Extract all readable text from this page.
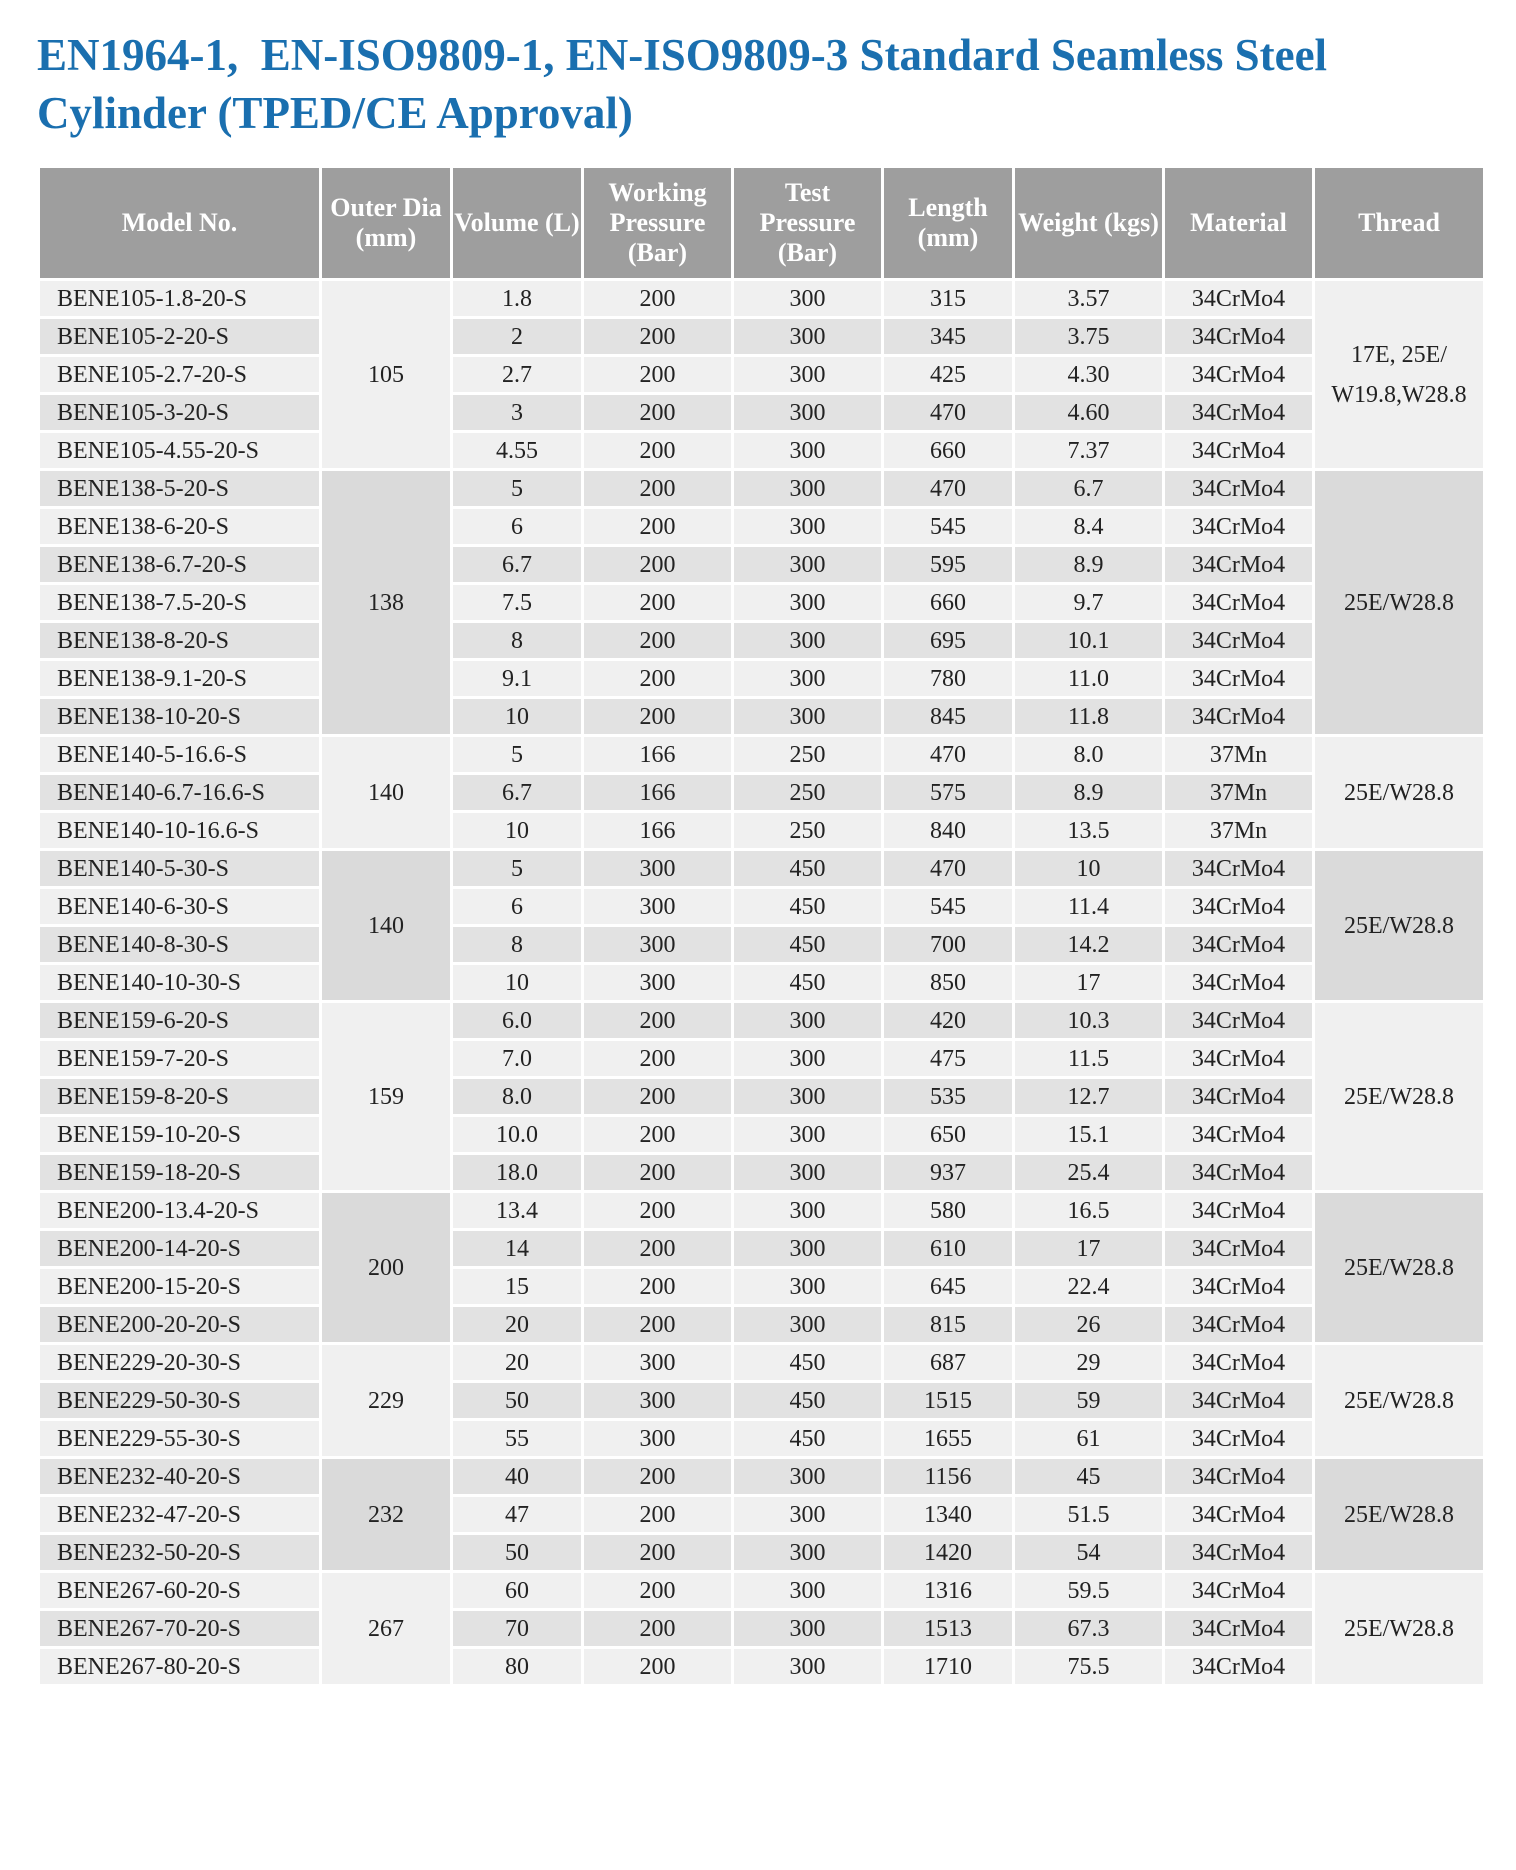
EN1964-1,  EN-ISO9809-1, EN-ISO9809-3 Standard Seamless Steel
Cylinder (TPED/CE Approval)
Model No.	Outer Dia (mm)	Volume (L)	Working Pressure (Bar)	Test Pressure (Bar)	Length (mm)	Weight (kgs)	Material	Thread
BENE105-1.8-20-S	105	1.8	200	300	315	3.57	34CrMo4	17E, 25E/
W19.8,W28.8
BENE105-2-20-S		2	200	300	345	3.75	34CrMo4	
BENE105-2.7-20-S		2.7	200	300	425	4.30	34CrMo4	
BENE105-3-20-S		3	200	300	470	4.60	34CrMo4	
BENE105-4.55-20-S		4.55	200	300	660	7.37	34CrMo4	
BENE138-5-20-S	138	5	200	300	470	6.7	34CrMo4	25E/W28.8
BENE138-6-20-S		6	200	300	545	8.4	34CrMo4	
BENE138-6.7-20-S		6.7	200	300	595	8.9	34CrMo4	
BENE138-7.5-20-S		7.5	200	300	660	9.7	34CrMo4	
BENE138-8-20-S		8	200	300	695	10.1	34CrMo4	
BENE138-9.1-20-S		9.1	200	300	780	11.0	34CrMo4	
BENE138-10-20-S		10	200	300	845	11.8	34CrMo4	
BENE140-5-16.6-S	140	5	166	250	470	8.0	37Mn	25E/W28.8
BENE140-6.7-16.6-S		6.7	166	250	575	8.9	37Mn	
BENE140-10-16.6-S		10	166	250	840	13.5	37Mn	
BENE140-5-30-S	140	5	300	450	470	10	34CrMo4	25E/W28.8
BENE140-6-30-S		6	300	450	545	11.4	34CrMo4	
BENE140-8-30-S		8	300	450	700	14.2	34CrMo4	
BENE140-10-30-S		10	300	450	850	17	34CrMo4	
BENE159-6-20-S	159	6.0	200	300	420	10.3	34CrMo4	25E/W28.8
BENE159-7-20-S		7.0	200	300	475	11.5	34CrMo4	
BENE159-8-20-S		8.0	200	300	535	12.7	34CrMo4	
BENE159-10-20-S		10.0	200	300	650	15.1	34CrMo4	
BENE159-18-20-S		18.0	200	300	937	25.4	34CrMo4	
BENE200-13.4-20-S	200	13.4	200	300	580	16.5	34CrMo4	25E/W28.8
BENE200-14-20-S		14	200	300	610	17	34CrMo4	
BENE200-15-20-S		15	200	300	645	22.4	34CrMo4	
BENE200-20-20-S		20	200	300	815	26	34CrMo4	
BENE229-20-30-S	229	20	300	450	687	29	34CrMo4	25E/W28.8
BENE229-50-30-S		50	300	450	1515	59	34CrMo4	
BENE229-55-30-S		55	300	450	1655	61	34CrMo4	
BENE232-40-20-S	232	40	200	300	1156	45	34CrMo4	25E/W28.8
BENE232-47-20-S		47	200	300	1340	51.5	34CrMo4	
BENE232-50-20-S		50	200	300	1420	54	34CrMo4	
BENE267-60-20-S	267	60	200	300	1316	59.5	34CrMo4	25E/W28.8
BENE267-70-20-S		70	200	300	1513	67.3	34CrMo4	
BENE267-80-20-S		80	200	300	1710	75.5	34CrMo4	
